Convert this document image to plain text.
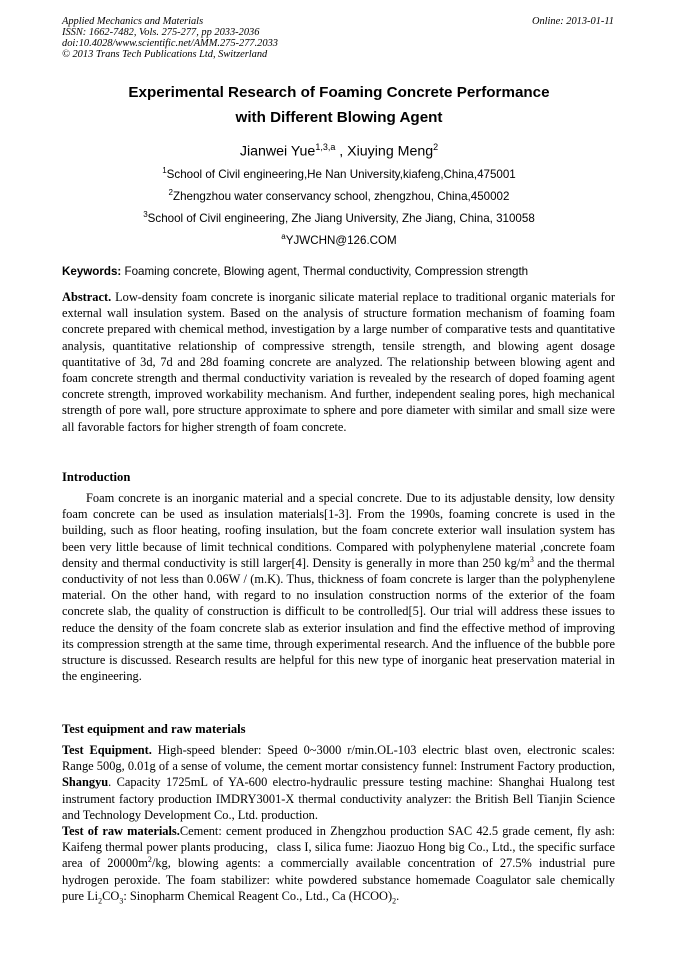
Applied Mechanics and Materials
ISSN: 1662-7482, Vols. 275-277, pp 2033-2036
doi:10.4028/www.scientific.net/AMM.275-277.2033
© 2013 Trans Tech Publications Ltd, Switzerland
Online: 2013-01-11
Experimental Research of Foaming Concrete Performance
with Different Blowing Agent
Jianwei Yue$^{1,3,a}$ , Xiuying Meng$^2$
$^1$School of Civil engineering,He Nan University,kiafeng,China,475001
$^2$Zhengzhou water conservancy school, zhengzhou, China,450002
$^3$School of Civil engineering, Zhe Jiang University, Zhe Jiang, China, 310058
$^a$YJWCHN@126.COM
Keywords: Foaming concrete, Blowing agent, Thermal conductivity, Compression strength

Abstract. Low-density foam concrete is inorganic silicate material replace to traditional organic materials for external wall insulation system. Based on the analysis of structure formation mechanism of foaming foam concrete prepared with chemical method, investigation by a large number of comparative tests and quantitative analysis, quantitative relationship of compressive strength, tensile strength, and blowing agent dosage quantitative of 3d, 7d and 28d foaming concrete are analyzed. The relationship between blowing agent and foam concrete strength and thermal conductivity variation is revealed by the research of doped foaming agent concrete strength, improved workability mechanism. And further, independent sealing pores, high mechanical strength of pore wall, pore structure approximate to sphere and pore diameter with similar and small size were all favorable factors for higher strength of foam concrete.

Introduction

Foam concrete is an inorganic material and a special concrete. Due to its adjustable density, low density foam concrete can be used as insulation materials[1-3]. From the 1990s, foaming concrete is used in the building, such as floor heating, roofing insulation, but the foam concrete exterior wall insulation system has been very little because of limit technical conditions. Compared with polyphenylene material ,concrete foam density and thermal conductivity is still larger[4]. Density is generally in more than 250 $kg/m^3$ and the thermal conductivity of not less than 0.06W / (m.K). Thus, thickness of foam concrete is larger than the polyphenylene material. On the other hand, with regard to no insulation construction norms of the exterior of the foam concrete slab, the quality of construction is difficult to be controlled[5]. Our trial will address these issues to reduce the density of the foam concrete slab as exterior insulation and find the effective method of improving its compression strength at the same time, through experimental research. And the influence of the bubble pore structure is discussed. Research results are helpful for this new type of inorganic heat preservation material in the engineering.

Test equipment and raw materials

Test Equipment. High-speed blender: Speed 0~3000 r/min.OL-103 electric blast oven, electronic scales: Range 500g, 0.01g of a sense of volume, the cement mortar consistency funnel: Instrument Factory production, Shangyu. Capacity 1725mL of YA-600 electro-hydraulic pressure testing machine: Shanghai Hualong test instrument factory production IMDRY3001-X thermal conductivity analyzer: the British Bell Tianjin Science and Technology Development Co., Ltd. production.

Test of raw materials.Cement: cement produced in Zhengzhou production SAC 42.5 grade cement, fly ash: Kaifeng thermal power plants producing，class I, silica fume: Jiaozuo Hong big Co., Ltd., the specific surface area of $20000m^2/kg$, blowing agents: a commercially available concentration of 27.5% industrial pure hydrogen peroxide. The foam stabilizer: white powdered substance homemade Coagulator sale chemically pure $Li_2CO_3$: Sinopharm Chemical Reagent Co., Ltd., Ca $(HCOO)_2$.
